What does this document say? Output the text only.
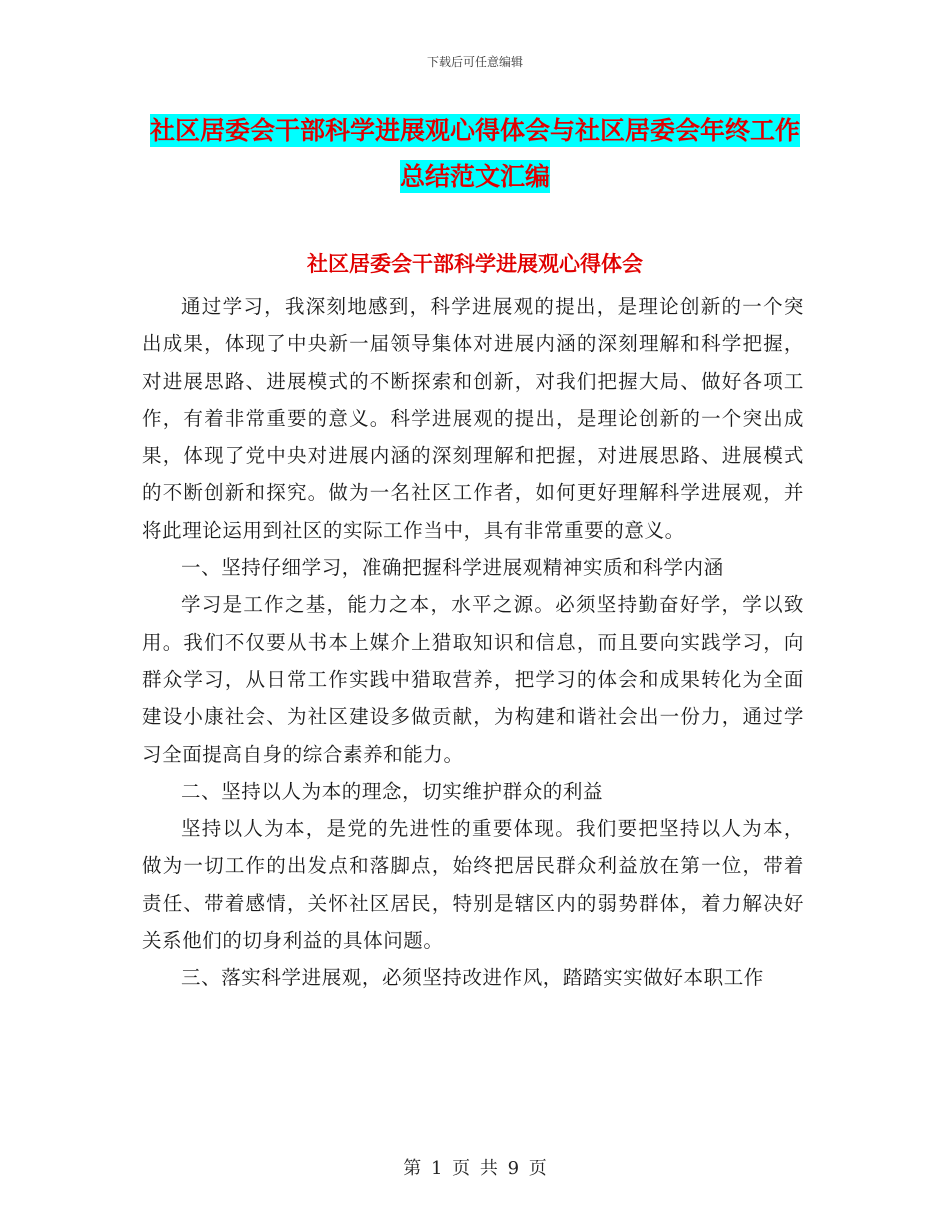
下载后可任意编辑
社区居委会干部科学进展观心得体会与社区居委会年终工作总结范文汇编
社区居委会干部科学进展观心得体会

通过学习，我深刻地感到，科学进展观的提出，是理论创新的一个突出成果，体现了中央新一届领导集体对进展内涵的深刻理解和科学把握，对进展思路、进展模式的不断探索和创新，对我们把握大局、做好各项工作，有着非常重要的意义。科学进展观的提出，是理论创新的一个突出成果，体现了党中央对进展内涵的深刻理解和把握，对进展思路、进展模式的不断创新和探究。做为一名社区工作者，如何更好理解科学进展观，并将此理论运用到社区的实际工作当中，具有非常重要的意义。

一、坚持仔细学习，准确把握科学进展观精神实质和科学内涵

学习是工作之基，能力之本，水平之源。必须坚持勤奋好学，学以致用。我们不仅要从书本上媒介上猎取知识和信息，而且要向实践学习，向群众学习，从日常工作实践中猎取营养，把学习的体会和成果转化为全面建设小康社会、为社区建设多做贡献，为构建和谐社会出一份力，通过学习全面提高自身的综合素养和能力。

二、坚持以人为本的理念，切实维护群众的利益

坚持以人为本，是党的先进性的重要体现。我们要把坚持以人为本，做为一切工作的出发点和落脚点，始终把居民群众利益放在第一位，带着责任、带着感情，关怀社区居民，特别是辖区内的弱势群体，着力解决好关系他们的切身利益的具体问题。

三、落实科学进展观，必须坚持改进作风，踏踏实实做好本职工作

第 1 页 共 9 页
